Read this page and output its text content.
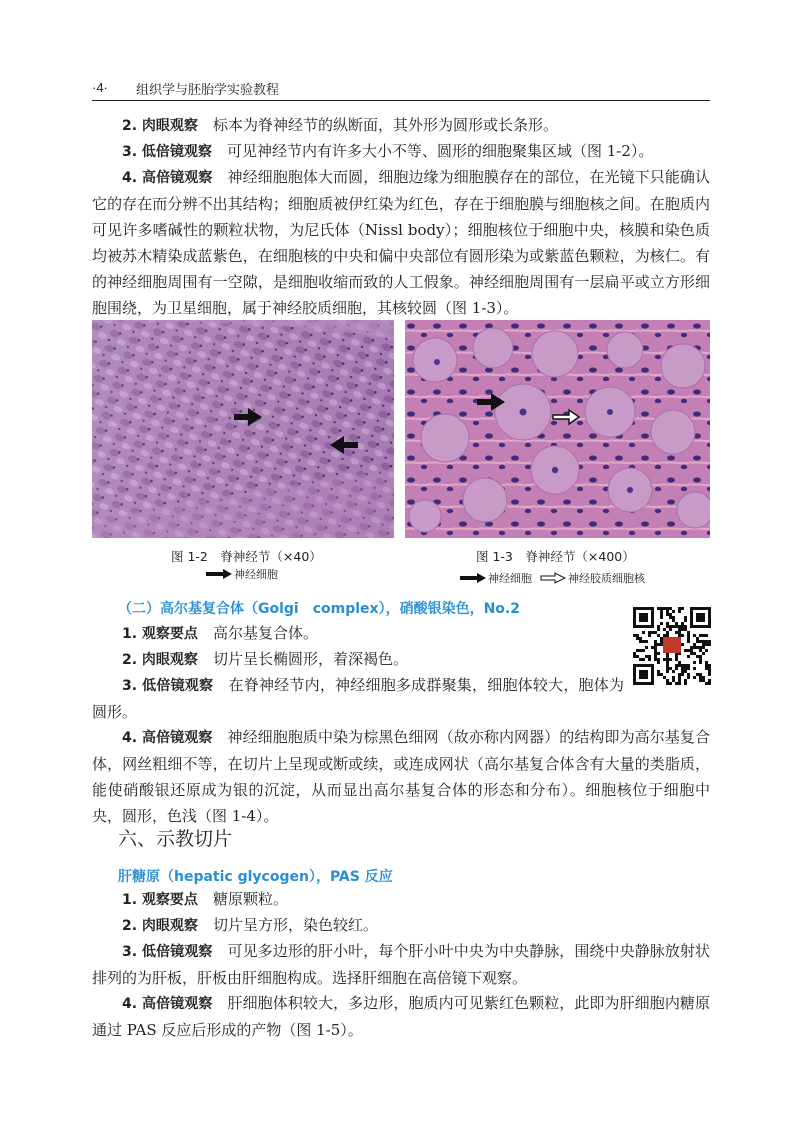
·4· 组织学与胚胎学实验教程

2. 肉眼观察　 标本为脊神经节的纵断面，其外形为圆形或长条形。

3. 低倍镜观察　 可见神经节内有许多大小不等、圆形的细胞聚集区域（图 1-2）。

4. 高倍镜观察　 神经细胞胞体大而圆，细胞边缘为细胞膜存在的部位，在光镜下只能确认它的存在而分辨不出其结构；细胞质被伊红染为红色，存在于细胞膜与细胞核之间。在胞质内可见许多嗜碱性的颗粒状物，为尼氏体（Nissl body）；细胞核位于细胞中央，核膜和染色质均被苏木精染成蓝紫色，在细胞核的中央和偏中央部位有圆形染为或紫蓝色颗粒，为核仁。有的神经细胞周围有一空隙，是细胞收缩而致的人工假象。神经细胞周围有一层扁平或立方形细胞围绕，为卫星细胞，属于神经胶质细胞，其核较圆（图 1-3）。

图 1-2　脊神经节（×40）
神经细胞
图 1-3　脊神经节（×400）
神经细胞	神经胶质细胞核
（二）高尔基复合体（Golgi　complex），硝酸银染色，No.2

1. 观察要点　 高尔基复合体。

2. 肉眼观察　 切片呈长椭圆形，着深褐色。

3. 低倍镜观察　 在脊神经节内，神经细胞多成群聚集，细胞体较大，胞体为圆形。

4. 高倍镜观察　 神经细胞胞质中染为棕黑色细网（故亦称内网器）的结构即为高尔基复合体，网丝粗细不等，在切片上呈现或断或续，或连成网状（高尔基复合体含有大量的类脂质，能使硝酸银还原成为银的沉淀，从而显出高尔基复合体的形态和分布）。细胞核位于细胞中央，圆形，色浅（图 1-4）。

六、示教切片
肝糖原（hepatic glycogen），PAS 反应

1. 观察要点　 糖原颗粒。

2. 肉眼观察　 切片呈方形，染色较红。

3. 低倍镜观察　 可见多边形的肝小叶，每个肝小叶中央为中央静脉，围绕中央静脉放射状排列的为肝板，肝板由肝细胞构成。选择肝细胞在高倍镜下观察。

4. 高倍镜观察　 肝细胞体积较大，多边形，胞质内可见紫红色颗粒，此即为肝细胞内糖原通过 PAS 反应后形成的产物（图 1-5）。
